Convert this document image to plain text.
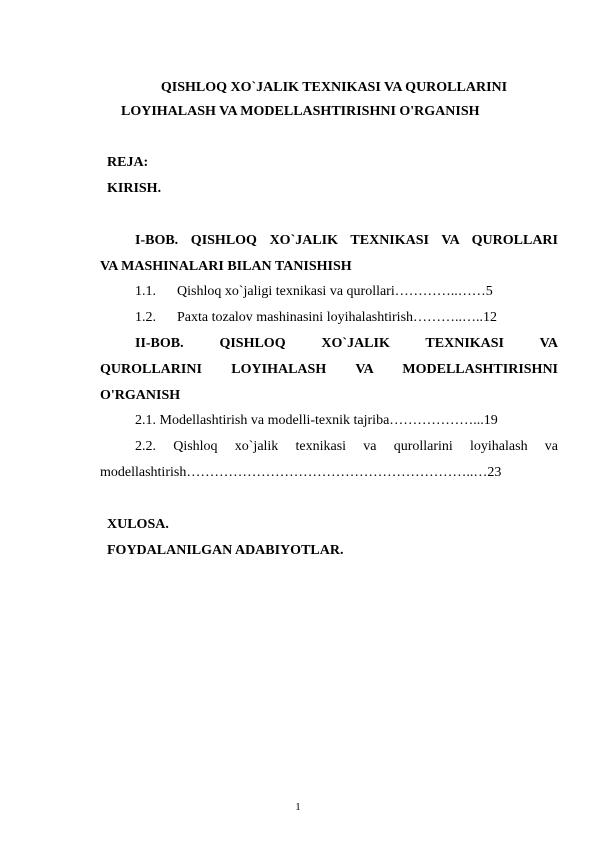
QISHLOQ XO`JALIK TEXNIKASI VA QUROLLARINI
LOYIHALASH VA MODELLASHTIRISHNI O'RGANISH
REJA:
KIRISH.
I-BOB. QISHLOQ XO`JALIK TEXNIKASI VA QUROLLARI
VA MASHINALARI BILAN TANISHISH
1.1. Qishloq xo`jaligi texnikasi va qurollari…………..……5
1.2. Paxta tozalov mashinasini loyihalashtirish………..…..12
II-BOB. QISHLOQ XO`JALIK TEXNIKASI VA
QUROLLARINI LOYIHALASH VA MODELLASHTIRISHNI
O'RGANISH
2.1. Modellashtirish va modelli-texnik tajriba………………...19
2.2. Qishloq xo`jalik texnikasi va qurollarini loyihalash va
modellashtirish……………………………………………………..…23
XULOSA.
FOYDALANILGAN ADABIYOTLAR.
1
